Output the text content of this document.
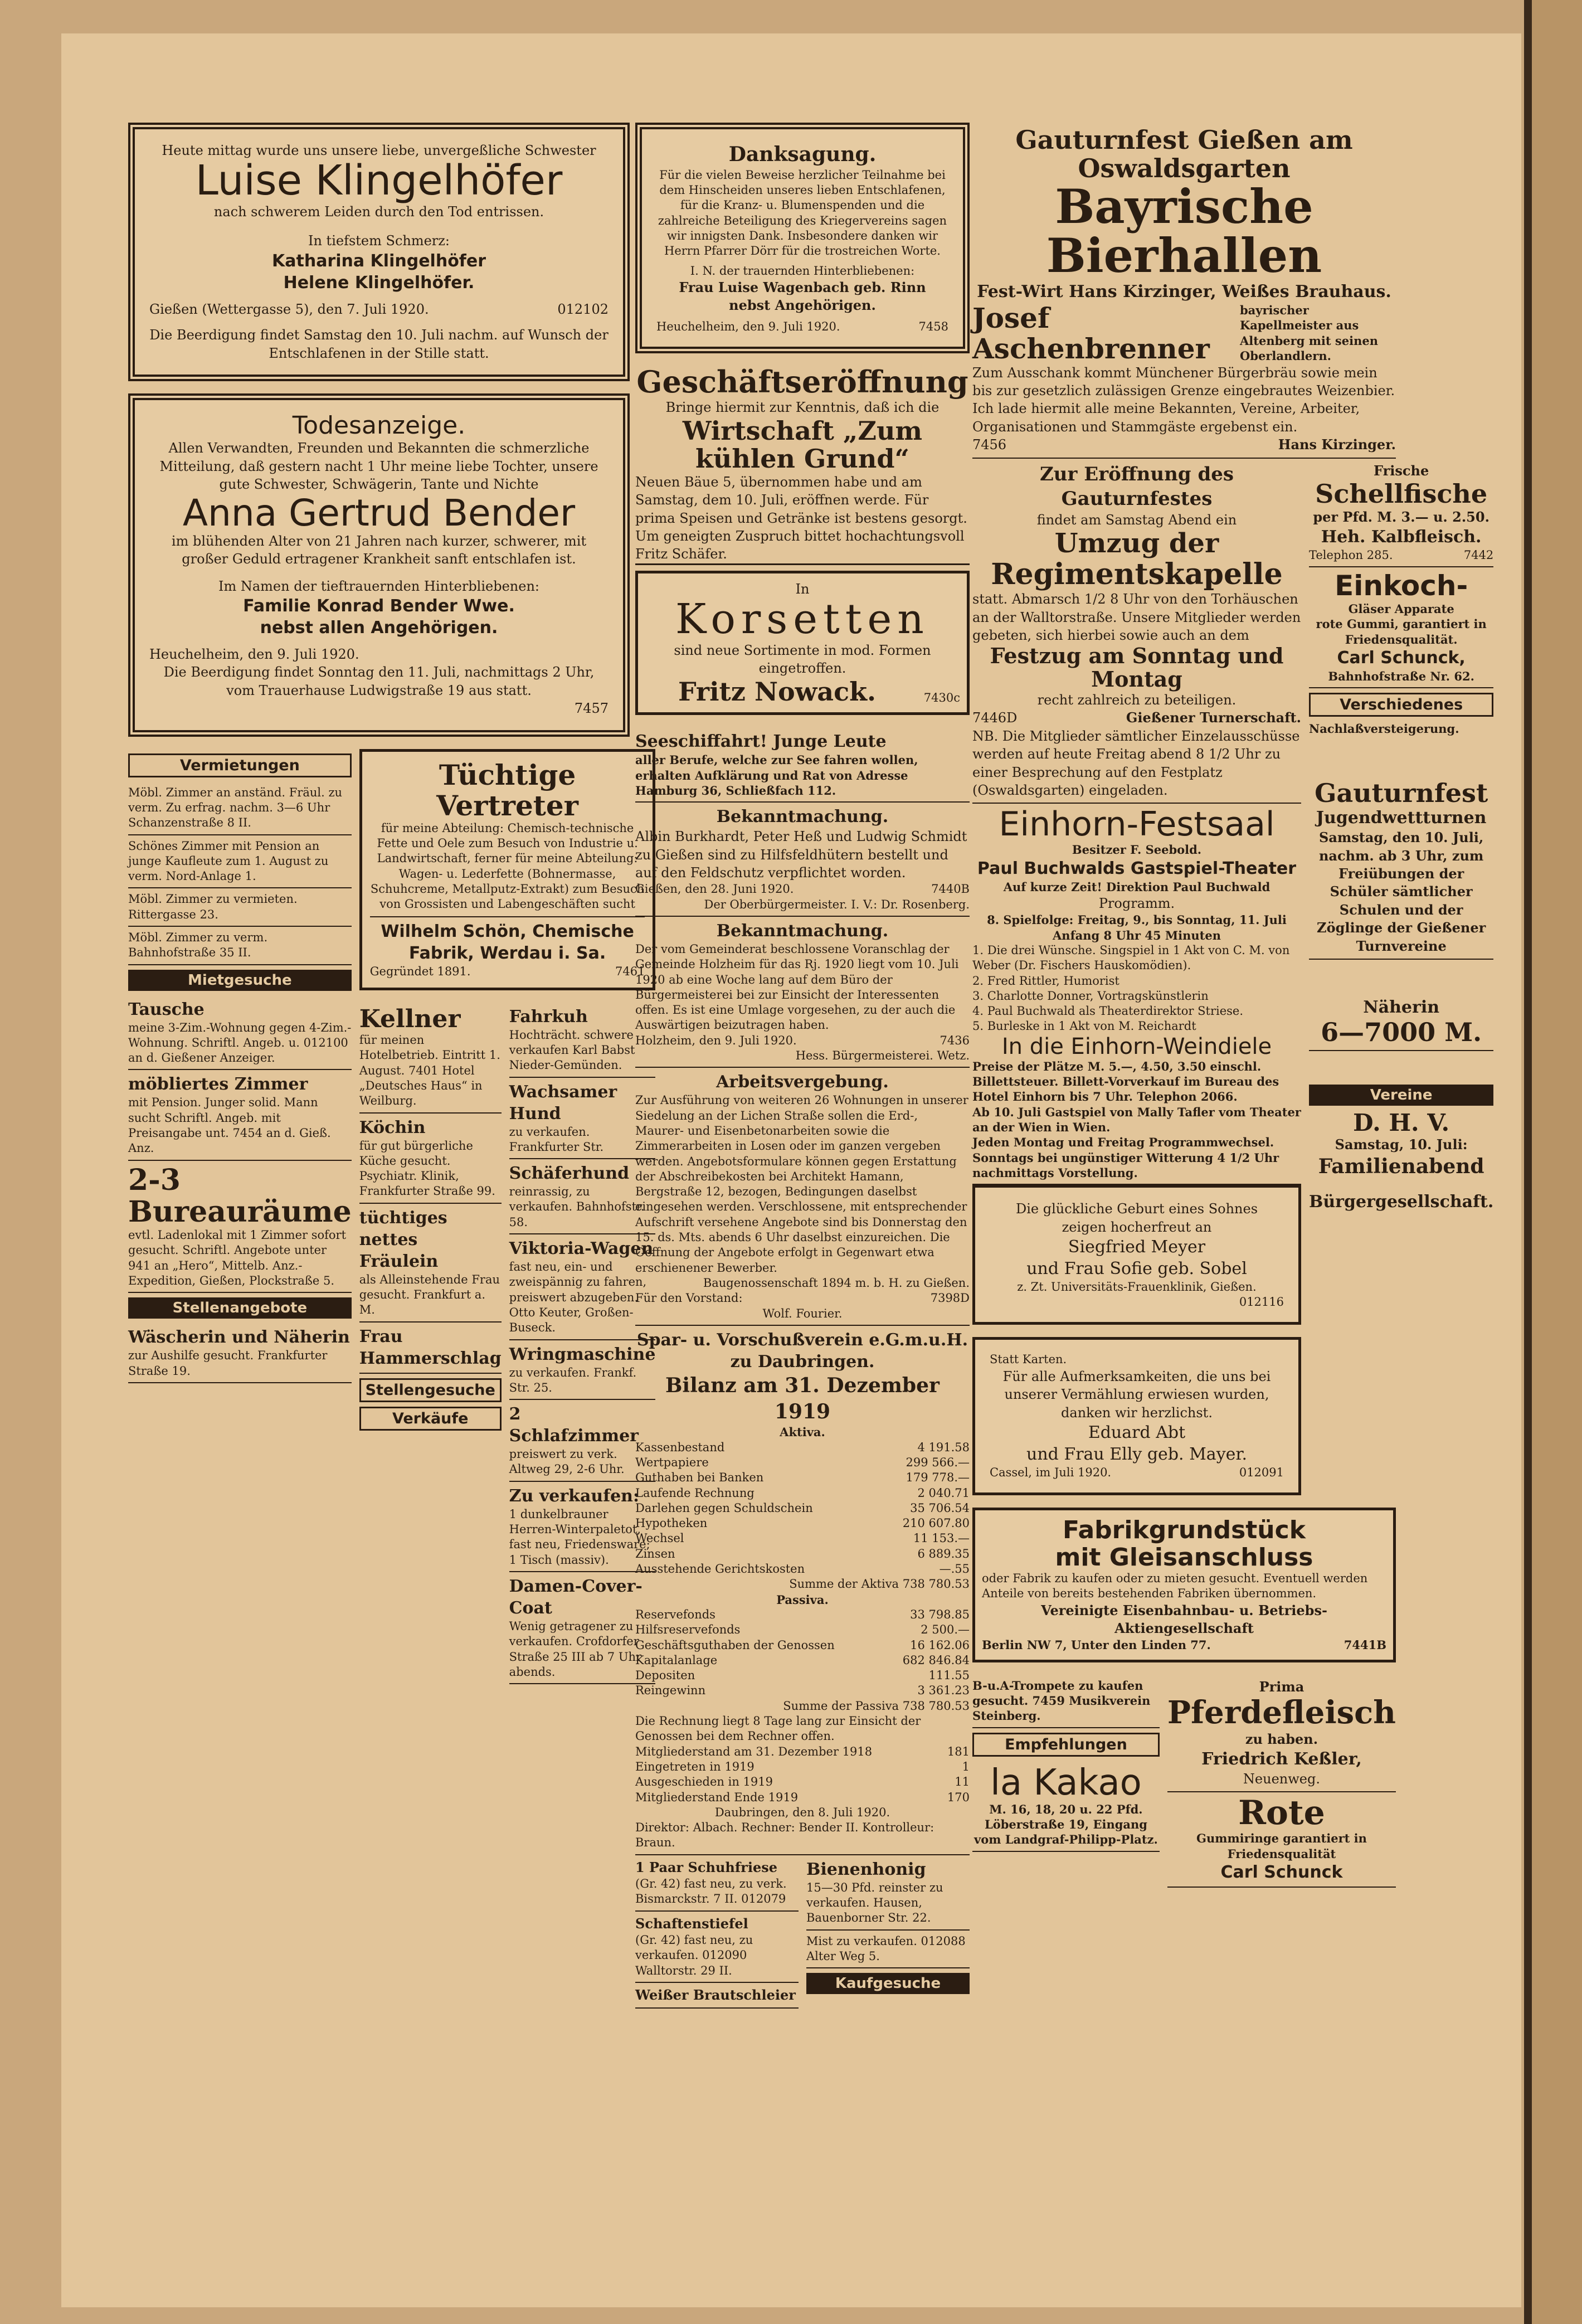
Heute mittag wurde uns unsere liebe, unvergeßliche Schwester
Luise Klingelhöfer
nach schwerem Leiden durch den Tod entrissen.
In tiefstem Schmerz:
Katharina Klingelhöfer
Helene Klingelhöfer.
Gießen (Wettergasse 5), den 7. Juli 1920.	012102
Die Beerdigung findet Samstag den 10. Juli nachm. auf Wunsch der Entschlafenen in der Stille statt.
Todesanzeige.
Allen Verwandten, Freunden und Bekannten die schmerzliche Mitteilung, daß gestern nacht 1 Uhr meine liebe Tochter, unsere gute Schwester, Schwägerin, Tante und Nichte
Anna Gertrud Bender
im blühenden Alter von 21 Jahren nach kurzer, schwerer, mit großer Geduld ertragener Krankheit sanft entschlafen ist.
Im Namen der tieftrauernden Hinterbliebenen:
Familie Konrad Bender Wwe.
nebst allen Angehörigen.
Heuchelheim, den 9. Juli 1920.
Die Beerdigung findet Sonntag den 11. Juli, nachmittags 2 Uhr, vom Trauerhause Ludwigstraße 19 aus statt.
7457
Vermietungen
Möbl. Zimmer an anständ. Fräul. zu verm. Zu erfrag. nachm. 3—6 Uhr Schanzenstraße 8 II.
Schönes Zimmer mit Pension an junge Kaufleute zum 1. August zu verm. Nord-Anlage 1.
Möbl. Zimmer zu vermieten. Rittergasse 23.
Möbl. Zimmer zu verm. Bahnhofstraße 35 II.
Mietgesuche
Tausche
meine 3-Zim.-Wohnung gegen 4-Zim.-Wohnung. Schriftl. Angeb. u. 012100 an d. Gießener Anzeiger.
möbliertes Zimmer
mit Pension. Junger solid. Mann sucht Schriftl. Angeb. mit Preisangabe unt. 7454 an d. Gieß. Anz.
2-3 Bureauräume
evtl. Ladenlokal mit 1 Zimmer sofort gesucht. Schriftl. Angebote unter 941 an „Hero“, Mittelb. Anz.-Expedition, Gießen, Plockstraße 5.
Stellenangebote
Wäscherin und Näherin
zur Aushilfe gesucht. Frankfurter Straße 19.
Tüchtige Vertreter
für meine Abteilung: Chemisch-technische Fette und Oele zum Besuch von Industrie u. Landwirtschaft, ferner für meine Abteilung: Wagen- u. Lederfette (Bohnermasse, Schuhcreme, Metallputz-Extrakt) zum Besuch von Grossisten und Labengeschäften sucht
Wilhelm Schön, Chemische Fabrik, Werdau i. Sa.
Gegründet 1891.	7461
Kellner
für meinen Hotelbetrieb. Eintritt 1. August. 7401 Hotel „Deutsches Haus“ in Weilburg.
Köchin
für gut bürgerliche Küche gesucht. Psychiatr. Klinik, Frankfurter Straße 99.
tüchtiges nettes Fräulein
als Alleinstehende Frau gesucht. Frankfurt a. M.
Frau Hammerschlag
Stellengesuche
Verkäufe
Fahrkuh
Hochträcht. schwere verkaufen Karl Babst Nieder-Gemünden.
Wachsamer Hund
zu verkaufen. Frankfurter Str.
Schäferhund
reinrassig, zu verkaufen. Bahnhofstr. 58.
Viktoria-Wagen
fast neu, ein- und zweispännig zu fahren, preiswert abzugeben. Otto Keuter, Großen-Buseck.
Wringmaschine
zu verkaufen. Frankf. Str. 25.
2 Schlafzimmer
preiswert zu verk. Altweg 29, 2-6 Uhr.
Zu verkaufen:
1 dunkelbrauner Herren-Winterpaletot, fast neu, Friedensware; 1 Tisch (massiv).
Damen-Cover-Coat
Wenig getragener zu verkaufen. Crofdorfer Straße 25 III ab 7 Uhr abends.
Danksagung.
Für die vielen Beweise herzlicher Teilnahme bei dem Hinscheiden unseres lieben Entschlafenen, für die Kranz- u. Blumenspenden und die zahlreiche Beteiligung des Kriegervereins sagen wir innigsten Dank. Insbesondere danken wir Herrn Pfarrer Dörr für die trostreichen Worte.
I. N. der trauernden Hinterbliebenen:
Frau Luise Wagenbach geb. Rinn nebst Angehörigen.
Heuchelheim, den 9. Juli 1920.	7458
Geschäftseröffnung
Bringe hiermit zur Kenntnis, daß ich die
Wirtschaft „Zum kühlen Grund“
Neuen Bäue 5, übernommen habe und am Samstag, dem 10. Juli, eröffnen werde. Für prima Speisen und Getränke ist bestens gesorgt. Um geneigten Zuspruch bittet hochachtungsvoll Fritz Schäfer.
In
Korsetten
sind neue Sortimente in mod. Formen eingetroffen.
Fritz Nowack.	7430c
Seeschiffahrt! Junge Leute
aller Berufe, welche zur See fahren wollen, erhalten Aufklärung und Rat von Adresse Hamburg 36, Schließfach 112.
Bekanntmachung.
Albin Burkhardt, Peter Heß und Ludwig Schmidt zu Gießen sind zu Hilfsfeldhütern bestellt und auf den Feldschutz verpflichtet worden.
Gießen, den 28. Juni 1920.	7440B
Der Oberbürgermeister. I. V.: Dr. Rosenberg.
Bekanntmachung.
Der vom Gemeinderat beschlossene Voranschlag der Gemeinde Holzheim für das Rj. 1920 liegt vom 10. Juli 1920 ab eine Woche lang auf dem Büro der Bürgermeisterei bei zur Einsicht der Interessenten offen. Es ist eine Umlage vorgesehen, zu der auch die Auswärtigen beizutragen haben.
Holzheim, den 9. Juli 1920.	7436
Hess. Bürgermeisterei. Wetz.
Arbeitsvergebung.
Zur Ausführung von weiteren 26 Wohnungen in unserer Siedelung an der Lichen Straße sollen die Erd-, Maurer- und Eisenbetonarbeiten sowie die Zimmerarbeiten in Losen oder im ganzen vergeben werden. Angebotsformulare können gegen Erstattung der Abschreibekosten bei Architekt Hamann, Bergstraße 12, bezogen, Bedingungen daselbst eingesehen werden. Verschlossene, mit entsprechender Aufschrift versehene Angebote sind bis Donnerstag den 15. ds. Mts. abends 6 Uhr daselbst einzureichen. Die Oeffnung der Angebote erfolgt in Gegenwart etwa erschienener Bewerber.
Baugenossenschaft 1894 m. b. H. zu Gießen.
Für den Vorstand:	7398D
Wolf. Fourier.
Spar- u. Vorschußverein e.G.m.u.H. zu Daubringen.
Bilanz am 31. Dezember 1919
Aktiva.
Kassenbestand	4 191.58
Wertpapiere	299 566.—
Guthaben bei Banken	179 778.—
Laufende Rechnung	2 040.71
Darlehen gegen Schuldschein	35 706.54
Hypotheken	210 607.80
Wechsel	11 153.—
Zinsen	6 889.35
Ausstehende Gerichtskosten	—.55
Summe der Aktiva 738 780.53
Passiva.
Reservefonds	33 798.85
Hilfsreservefonds	2 500.—
Geschäftsguthaben der Genossen	16 162.06
Kapitalanlage	682 846.84
Depositen	111.55
Reingewinn	3 361.23
Summe der Passiva 738 780.53
Die Rechnung liegt 8 Tage lang zur Einsicht der Genossen bei dem Rechner offen.
Mitgliederstand am 31. Dezember 1918	181
Eingetreten in 1919	1
Ausgeschieden in 1919	11
Mitgliederstand Ende 1919	170
Daubringen, den 8. Juli 1920.
Direktor: Albach. Rechner: Bender II. Kontrolleur: Braun.
1 Paar Schuhfriese
(Gr. 42) fast neu, zu verk. Bismarckstr. 7 II. 012079
Schaftenstiefel
(Gr. 42) fast neu, zu verkaufen. 012090 Walltorstr. 29 II.
Weißer Brautschleier
Bienenhonig
15—30 Pfd. reinster zu verkaufen. Hausen, Bauenborner Str. 22.
Mist zu verkaufen. 012088 Alter Weg 5.
Kaufgesuche
Gauturnfest Gießen am Oswaldsgarten
Bayrische Bierhallen
Fest-Wirt Hans Kirzinger, Weißes Brauhaus.
Josef Aschenbrenner
bayrischer Kapellmeister aus Altenberg mit seinen Oberlandlern.
Zum Ausschank kommt Münchener Bürgerbräu sowie mein bis zur gesetzlich zulässigen Grenze eingebrautes Weizenbier. Ich lade hiermit alle meine Bekannten, Vereine, Arbeiter, Organisationen und Stammgäste ergebenst ein.
7456	Hans Kirzinger.
Zur Eröffnung des Gauturnfestes
findet am Samstag Abend ein
Umzug der
Regimentskapelle
statt. Abmarsch 1/2 8 Uhr von den Torhäuschen an der Walltorstraße. Unsere Mitglieder werden gebeten, sich hierbei sowie auch an dem
Festzug am Sonntag und Montag
recht zahlreich zu beteiligen.
7446D	Gießener Turnerschaft.
NB. Die Mitglieder sämtlicher Einzelausschüsse werden auf heute Freitag abend 8 1/2 Uhr zu einer Besprechung auf den Festplatz (Oswaldsgarten) eingeladen.
Einhorn-Festsaal
Besitzer F. Seebold.
Paul Buchwalds Gastspiel-Theater
Auf kurze Zeit! Direktion Paul Buchwald
Programm.
8. Spielfolge: Freitag, 9., bis Sonntag, 11. Juli Anfang 8 Uhr 45 Minuten
1. Die drei Wünsche. Singspiel in 1 Akt von C. M. von Weber (Dr. Fischers Hauskomödien).
2. Fred Rittler, Humorist
3. Charlotte Donner, Vortragskünstlerin
4. Paul Buchwald als Theaterdirektor Striese.
5. Burleske in 1 Akt von M. Reichardt
In die Einhorn-Weindiele
Preise der Plätze M. 5.—, 4.50, 3.50 einschl. Billettsteuer. Billett-Vorverkauf im Bureau des Hotel Einhorn bis 7 Uhr. Telephon 2066.
Ab 10. Juli Gastspiel von Mally Tafler vom Theater an der Wien in Wien.
Jeden Montag und Freitag Programmwechsel.
Sonntags bei ungünstiger Witterung 4 1/2 Uhr nachmittags Vorstellung.
Die glückliche Geburt eines Sohnes
zeigen hocherfreut an
Siegfried Meyer
und Frau Sofie geb. Sobel
z. Zt. Universitäts-Frauenklinik, Gießen.
012116
Statt Karten.
Für alle Aufmerksamkeiten, die uns bei unserer Vermählung erwiesen wurden, danken wir herzlichst.
Eduard Abt
und Frau Elly geb. Mayer.
Cassel, im Juli 1920.	012091
Frische
Schellfische
per Pfd. M. 3.— u. 2.50.
Heh. Kalbfleisch.
Telephon 285.	7442
Einkoch-
Gläser Apparate
rote Gummi, garantiert in Friedensqualität.
Carl Schunck,
Bahnhofstraße Nr. 62.
Verschiedenes
Nachlaßversteigerung.
Gauturnfest
Jugendwettturnen
Samstag, den 10. Juli, nachm. ab 3 Uhr, zum
Freiübungen der Schüler sämtlicher Schulen und der Zöglinge der Gießener Turnvereine
Näherin
6—7000 M.
Vereine
D. H. V.
Samstag, 10. Juli:
Familienabend
Bürgergesellschaft.
Fabrikgrundstück
mit Gleisanschluss
oder Fabrik zu kaufen oder zu mieten gesucht. Eventuell werden Anteile von bereits bestehenden Fabriken übernommen.
Vereinigte Eisenbahnbau- u. Betriebs-Aktiengesellschaft
Berlin NW 7, Unter den Linden 77.	7441B
B-u.A-Trompete zu kaufen gesucht. 7459 Musikverein Steinberg.
Empfehlungen
la Kakao
M. 16, 18, 20 u. 22 Pfd. Löberstraße 19, Eingang vom Landgraf-Philipp-Platz.
Prima
Pferdefleisch
zu haben.
Friedrich Keßler,
Neuenweg.
Rote
Gummiringe garantiert in Friedensqualität
Carl Schunck
